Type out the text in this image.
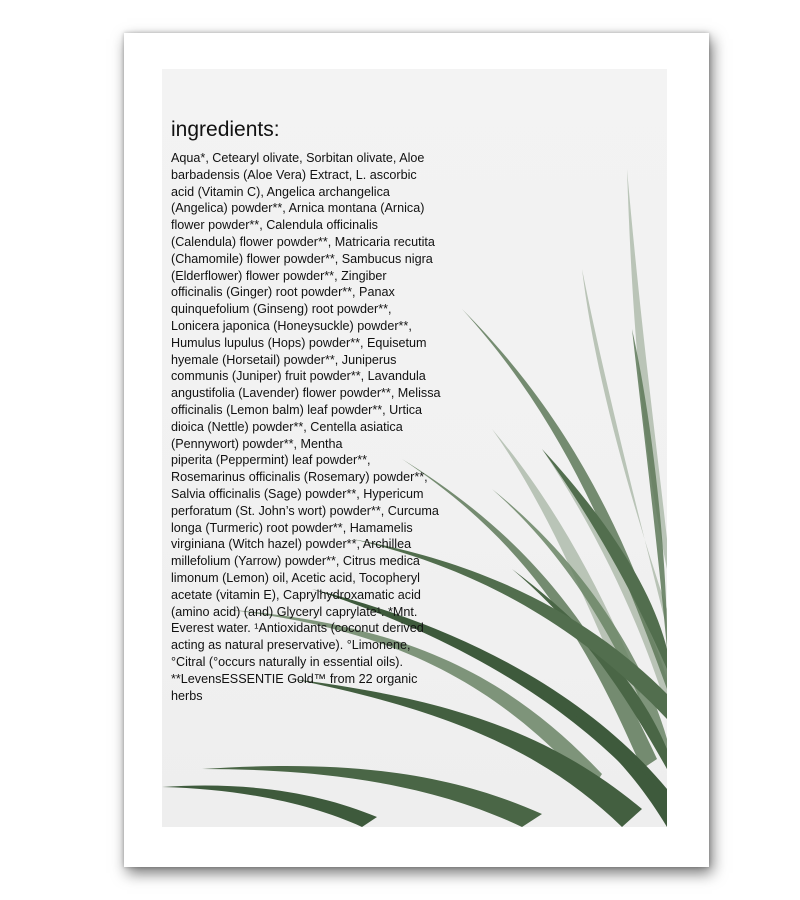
ingredients:

Aqua*, Cetearyl olivate, Sorbitan olivate, Aloe
barbadensis (Aloe Vera) Extract, L. ascorbic
acid (Vitamin C), Angelica archangelica
(Angelica) powder**, Arnica montana (Arnica)
flower powder**, Calendula officinalis
(Calendula) flower powder**, Matricaria recutita
(Chamomile) flower powder**, Sambucus nigra
(Elderflower) flower powder**, Zingiber
officinalis (Ginger) root powder**, Panax
quinquefolium (Ginseng) root powder**,
Lonicera japonica (Honeysuckle) powder**,
Humulus lupulus (Hops) powder**, Equisetum
hyemale (Horsetail) powder**, Juniperus
communis (Juniper) fruit powder**, Lavandula
angustifolia (Lavender) flower powder**, Melissa
officinalis (Lemon balm) leaf powder**, Urtica
dioica (Nettle) powder**, Centella asiatica
(Pennywort) powder**, Mentha
piperita (Peppermint) leaf powder**,
Rosemarinus officinalis (Rosemary) powder**,
Salvia officinalis (Sage) powder**, Hypericum
perforatum (St. John’s wort) powder**, Curcuma
longa (Turmeric) root powder**, Hamamelis
virginiana (Witch hazel) powder**, Archillea
millefolium (Yarrow) powder**, Citrus medica
limonum (Lemon) oil, Acetic acid, Tocopheryl
acetate (vitamin E), Caprylhydroxamatic acid
(amino acid) (and) Glyceryl caprylate¹. *Mnt.
Everest water. ¹Antioxidants (coconut derived
acting as natural preservative). °Limonene,
°Citral (°occurs naturally in essential oils).
**LevensESSENTIE Gold™ from 22 organic
herbs
